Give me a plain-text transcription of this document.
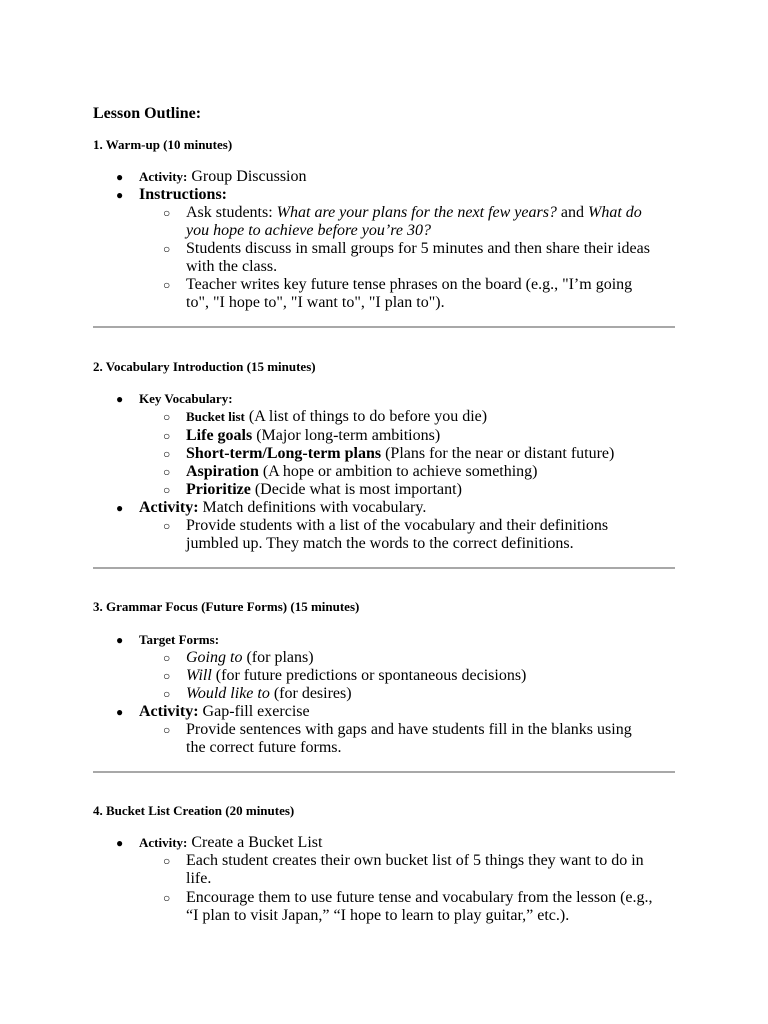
Lesson Outline:
1. Warm-up (10 minutes)
● Activity: Group Discussion
● Instructions:
○ Ask students: What are your plans for the next few years? and What do
you hope to achieve before you’re 30?
○ Students discuss in small groups for 5 minutes and then share their ideas
with the class.
○ Teacher writes key future tense phrases on the board (e.g., "I’m going
to", "I hope to", "I want to", "I plan to").
2. Vocabulary Introduction (15 minutes)
● Key Vocabulary:
○ Bucket list (A list of things to do before you die)
○ Life goals (Major long-term ambitions)
○ Short-term/Long-term plans (Plans for the near or distant future)
○ Aspiration (A hope or ambition to achieve something)
○ Prioritize (Decide what is most important)
● Activity: Match definitions with vocabulary.
○ Provide students with a list of the vocabulary and their definitions
jumbled up. They match the words to the correct definitions.
3. Grammar Focus (Future Forms) (15 minutes)
● Target Forms:
○ Going to (for plans)
○ Will (for future predictions or spontaneous decisions)
○ Would like to (for desires)
● Activity: Gap-fill exercise
○ Provide sentences with gaps and have students fill in the blanks using
the correct future forms.
4. Bucket List Creation (20 minutes)
● Activity: Create a Bucket List
○ Each student creates their own bucket list of 5 things they want to do in
life.
○ Encourage them to use future tense and vocabulary from the lesson (e.g.,
“I plan to visit Japan,” “I hope to learn to play guitar,” etc.).
